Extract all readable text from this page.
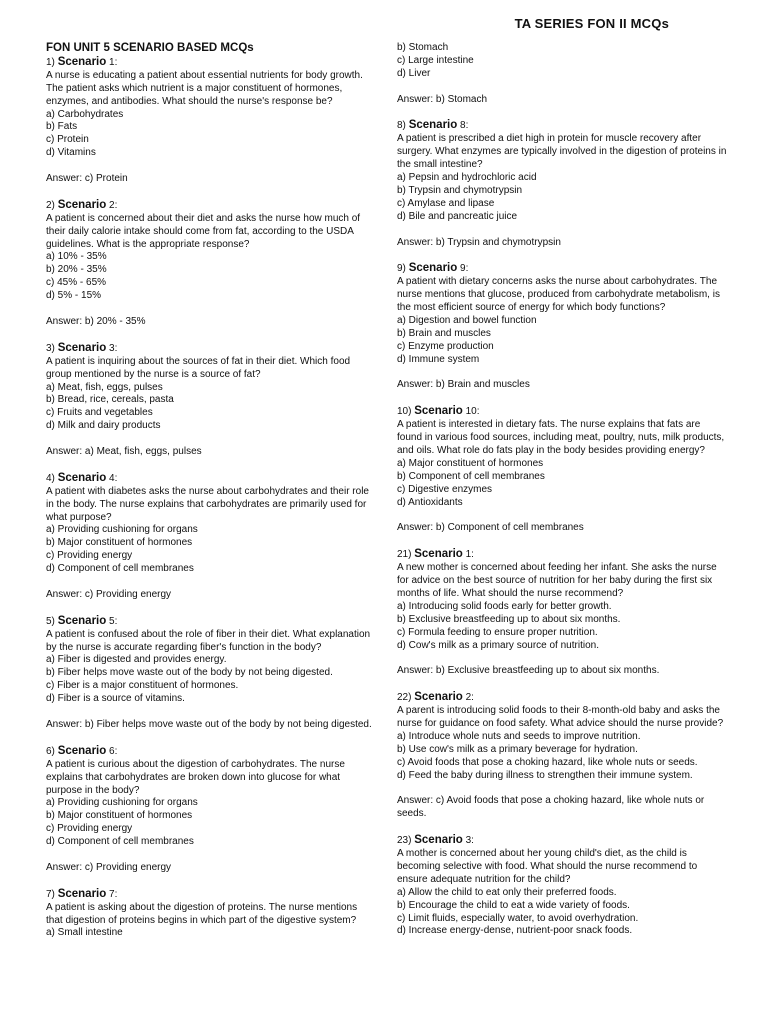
TA SERIES FON II MCQs
FON UNIT 5 SCENARIO BASED MCQs
1) Scenario 1:
A nurse is educating a patient about essential nutrients for body growth. The patient asks which nutrient is a major constituent of hormones, enzymes, and antibodies. What should the nurse's response be?
a) Carbohydrates
b) Fats
c) Protein
d) Vitamins
Answer: c) Protein
2) Scenario 2:
A patient is concerned about their diet and asks the nurse how much of their daily calorie intake should come from fat, according to the USDA guidelines. What is the appropriate response?
a) 10% - 35%
b) 20% - 35%
c) 45% - 65%
d) 5% - 15%
Answer: b) 20% - 35%
3) Scenario 3:
A patient is inquiring about the sources of fat in their diet. Which food group mentioned by the nurse is a source of fat?
a) Meat, fish, eggs, pulses
b) Bread, rice, cereals, pasta
c) Fruits and vegetables
d) Milk and dairy products
Answer: a) Meat, fish, eggs, pulses
4) Scenario 4:
A patient with diabetes asks the nurse about carbohydrates and their role in the body. The nurse explains that carbohydrates are primarily used for what purpose?
a) Providing cushioning for organs
b) Major constituent of hormones
c) Providing energy
d) Component of cell membranes
Answer: c) Providing energy
5) Scenario 5:
A patient is confused about the role of fiber in their diet. What explanation by the nurse is accurate regarding fiber's function in the body?
a) Fiber is digested and provides energy.
b) Fiber helps move waste out of the body by not being digested.
c) Fiber is a major constituent of hormones.
d) Fiber is a source of vitamins.
Answer: b) Fiber helps move waste out of the body by not being digested.
6) Scenario 6:
A patient is curious about the digestion of carbohydrates. The nurse explains that carbohydrates are broken down into glucose for what purpose in the body?
a) Providing cushioning for organs
b) Major constituent of hormones
c) Providing energy
d) Component of cell membranes
Answer: c) Providing energy
7) Scenario 7:
A patient is asking about the digestion of proteins. The nurse mentions that digestion of proteins begins in which part of the digestive system?
a) Small intestine
b) Stomach
c) Large intestine
d) Liver
Answer: b) Stomach
8) Scenario 8:
A patient is prescribed a diet high in protein for muscle recovery after surgery. What enzymes are typically involved in the digestion of proteins in the small intestine?
a) Pepsin and hydrochloric acid
b) Trypsin and chymotrypsin
c) Amylase and lipase
d) Bile and pancreatic juice
Answer: b) Trypsin and chymotrypsin
9) Scenario 9:
A patient with dietary concerns asks the nurse about carbohydrates. The nurse mentions that glucose, produced from carbohydrate metabolism, is the most efficient source of energy for which body functions?
a) Digestion and bowel function
b) Brain and muscles
c) Enzyme production
d) Immune system
Answer: b) Brain and muscles
10) Scenario 10:
A patient is interested in dietary fats. The nurse explains that fats are found in various food sources, including meat, poultry, nuts, milk products, and oils. What role do fats play in the body besides providing energy?
a) Major constituent of hormones
b) Component of cell membranes
c) Digestive enzymes
d) Antioxidants
Answer: b) Component of cell membranes
21) Scenario 1:
A new mother is concerned about feeding her infant. She asks the nurse for advice on the best source of nutrition for her baby during the first six months of life. What should the nurse recommend?
a) Introducing solid foods early for better growth.
b) Exclusive breastfeeding up to about six months.
c) Formula feeding to ensure proper nutrition.
d) Cow's milk as a primary source of nutrition.
Answer: b) Exclusive breastfeeding up to about six months.
22) Scenario 2:
A parent is introducing solid foods to their 8-month-old baby and asks the nurse for guidance on food safety. What advice should the nurse provide?
a) Introduce whole nuts and seeds to improve nutrition.
b) Use cow's milk as a primary beverage for hydration.
c) Avoid foods that pose a choking hazard, like whole nuts or seeds.
d) Feed the baby during illness to strengthen their immune system.
Answer: c) Avoid foods that pose a choking hazard, like whole nuts or seeds.
23) Scenario 3:
A mother is concerned about her young child's diet, as the child is becoming selective with food. What should the nurse recommend to ensure adequate nutrition for the child?
a) Allow the child to eat only their preferred foods.
b) Encourage the child to eat a wide variety of foods.
c) Limit fluids, especially water, to avoid overhydration.
d) Increase energy-dense, nutrient-poor snack foods.
